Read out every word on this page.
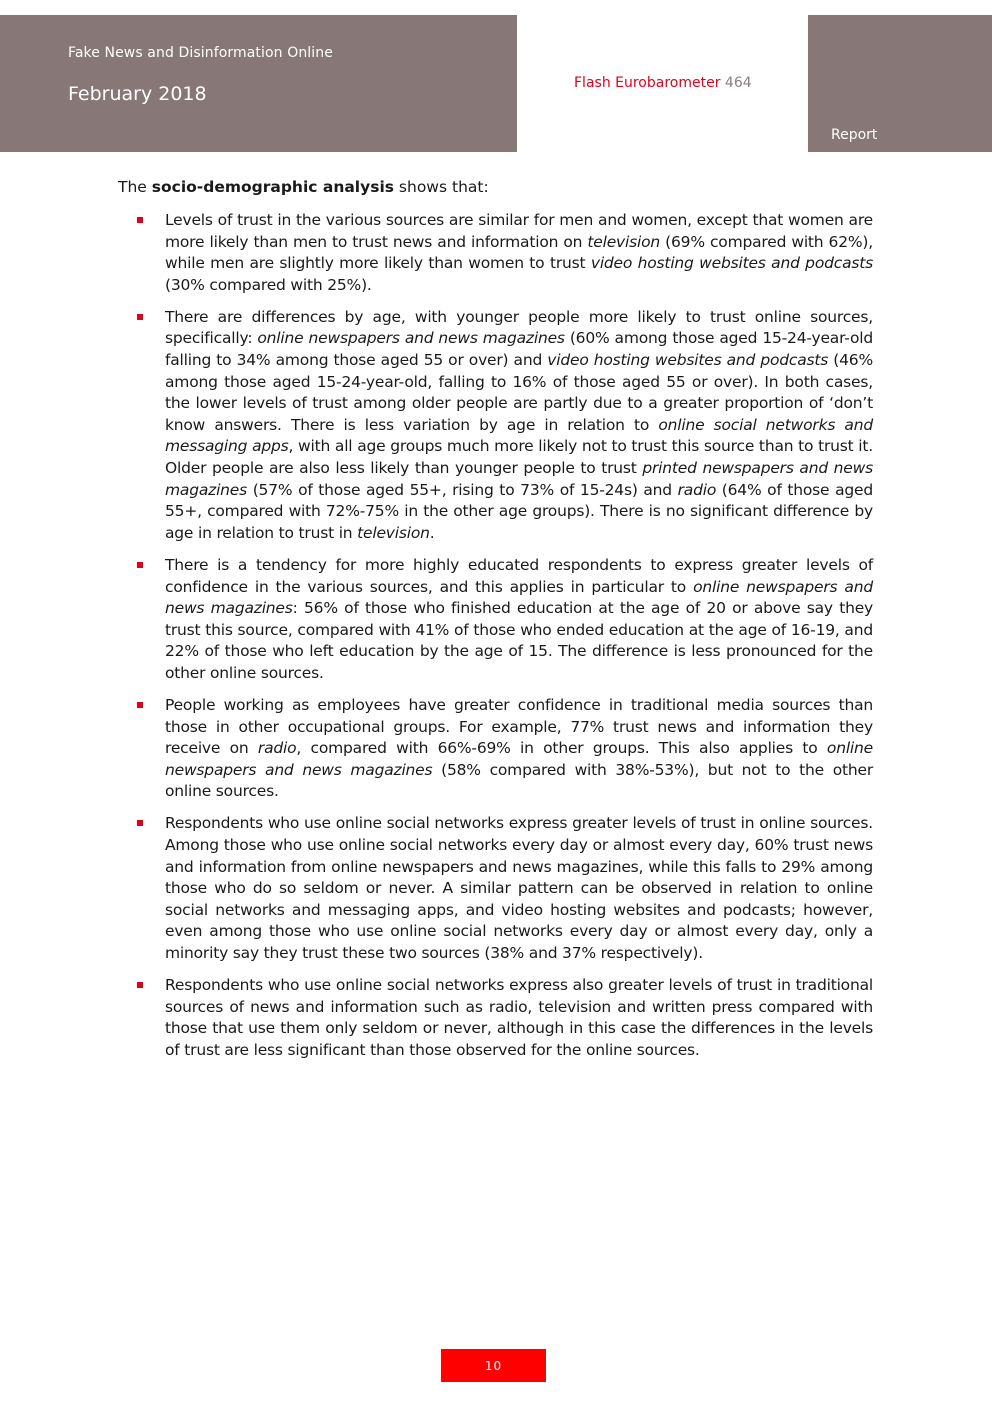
Fake News and Disinformation Online
February 2018	Flash Eurobarometer 464
Report
The socio-demographic analysis shows that:
Levels of trust in the various sources are similar for men and women, except that women are more likely than men to trust news and information on television (69% compared with 62%), while men are slightly more likely than women to trust video hosting websites and podcasts (30% compared with 25%).
There are differences by age, with younger people more likely to trust online sources, specifically: online newspapers and news magazines (60% among those aged 15-24-year-old falling to 34% among those aged 55 or over) and video hosting websites and podcasts (46% among those aged 15-24-year-old, falling to 16% of those aged 55 or over). In both cases, the lower levels of trust among older people are partly due to a greater proportion of ‘don’t know answers. There is less variation by age in relation to online social networks and messaging apps, with all age groups much more likely not to trust this source than to trust it. Older people are also less likely than younger people to trust printed newspapers and news magazines (57% of those aged 55+, rising to 73% of 15-24s) and radio (64% of those aged 55+, compared with 72%-75% in the other age groups). There is no significant difference by age in relation to trust in television.
There is a tendency for more highly educated respondents to express greater levels of confidence in the various sources, and this applies in particular to online newspapers and news magazines: 56% of those who finished education at the age of 20 or above say they trust this source, compared with 41% of those who ended education at the age of 16-19, and 22% of those who left education by the age of 15. The difference is less pronounced for the other online sources.
People working as employees have greater confidence in traditional media sources than those in other occupational groups. For example, 77% trust news and information they receive on radio, compared with 66%-69% in other groups. This also applies to online newspapers and news magazines (58% compared with 38%-53%), but not to the other online sources.
Respondents who use online social networks express greater levels of trust in online sources. Among those who use online social networks every day or almost every day, 60% trust news and information from online newspapers and news magazines, while this falls to 29% among those who do so seldom or never. A similar pattern can be observed in relation to online social networks and messaging apps, and video hosting websites and podcasts; however, even among those who use online social networks every day or almost every day, only a minority say they trust these two sources (38% and 37% respectively).
Respondents who use online social networks express also greater levels of trust in traditional sources of news and information such as radio, television and written press compared with those that use them only seldom or never, although in this case the differences in the levels of trust are less significant than those observed for the online sources.
10
